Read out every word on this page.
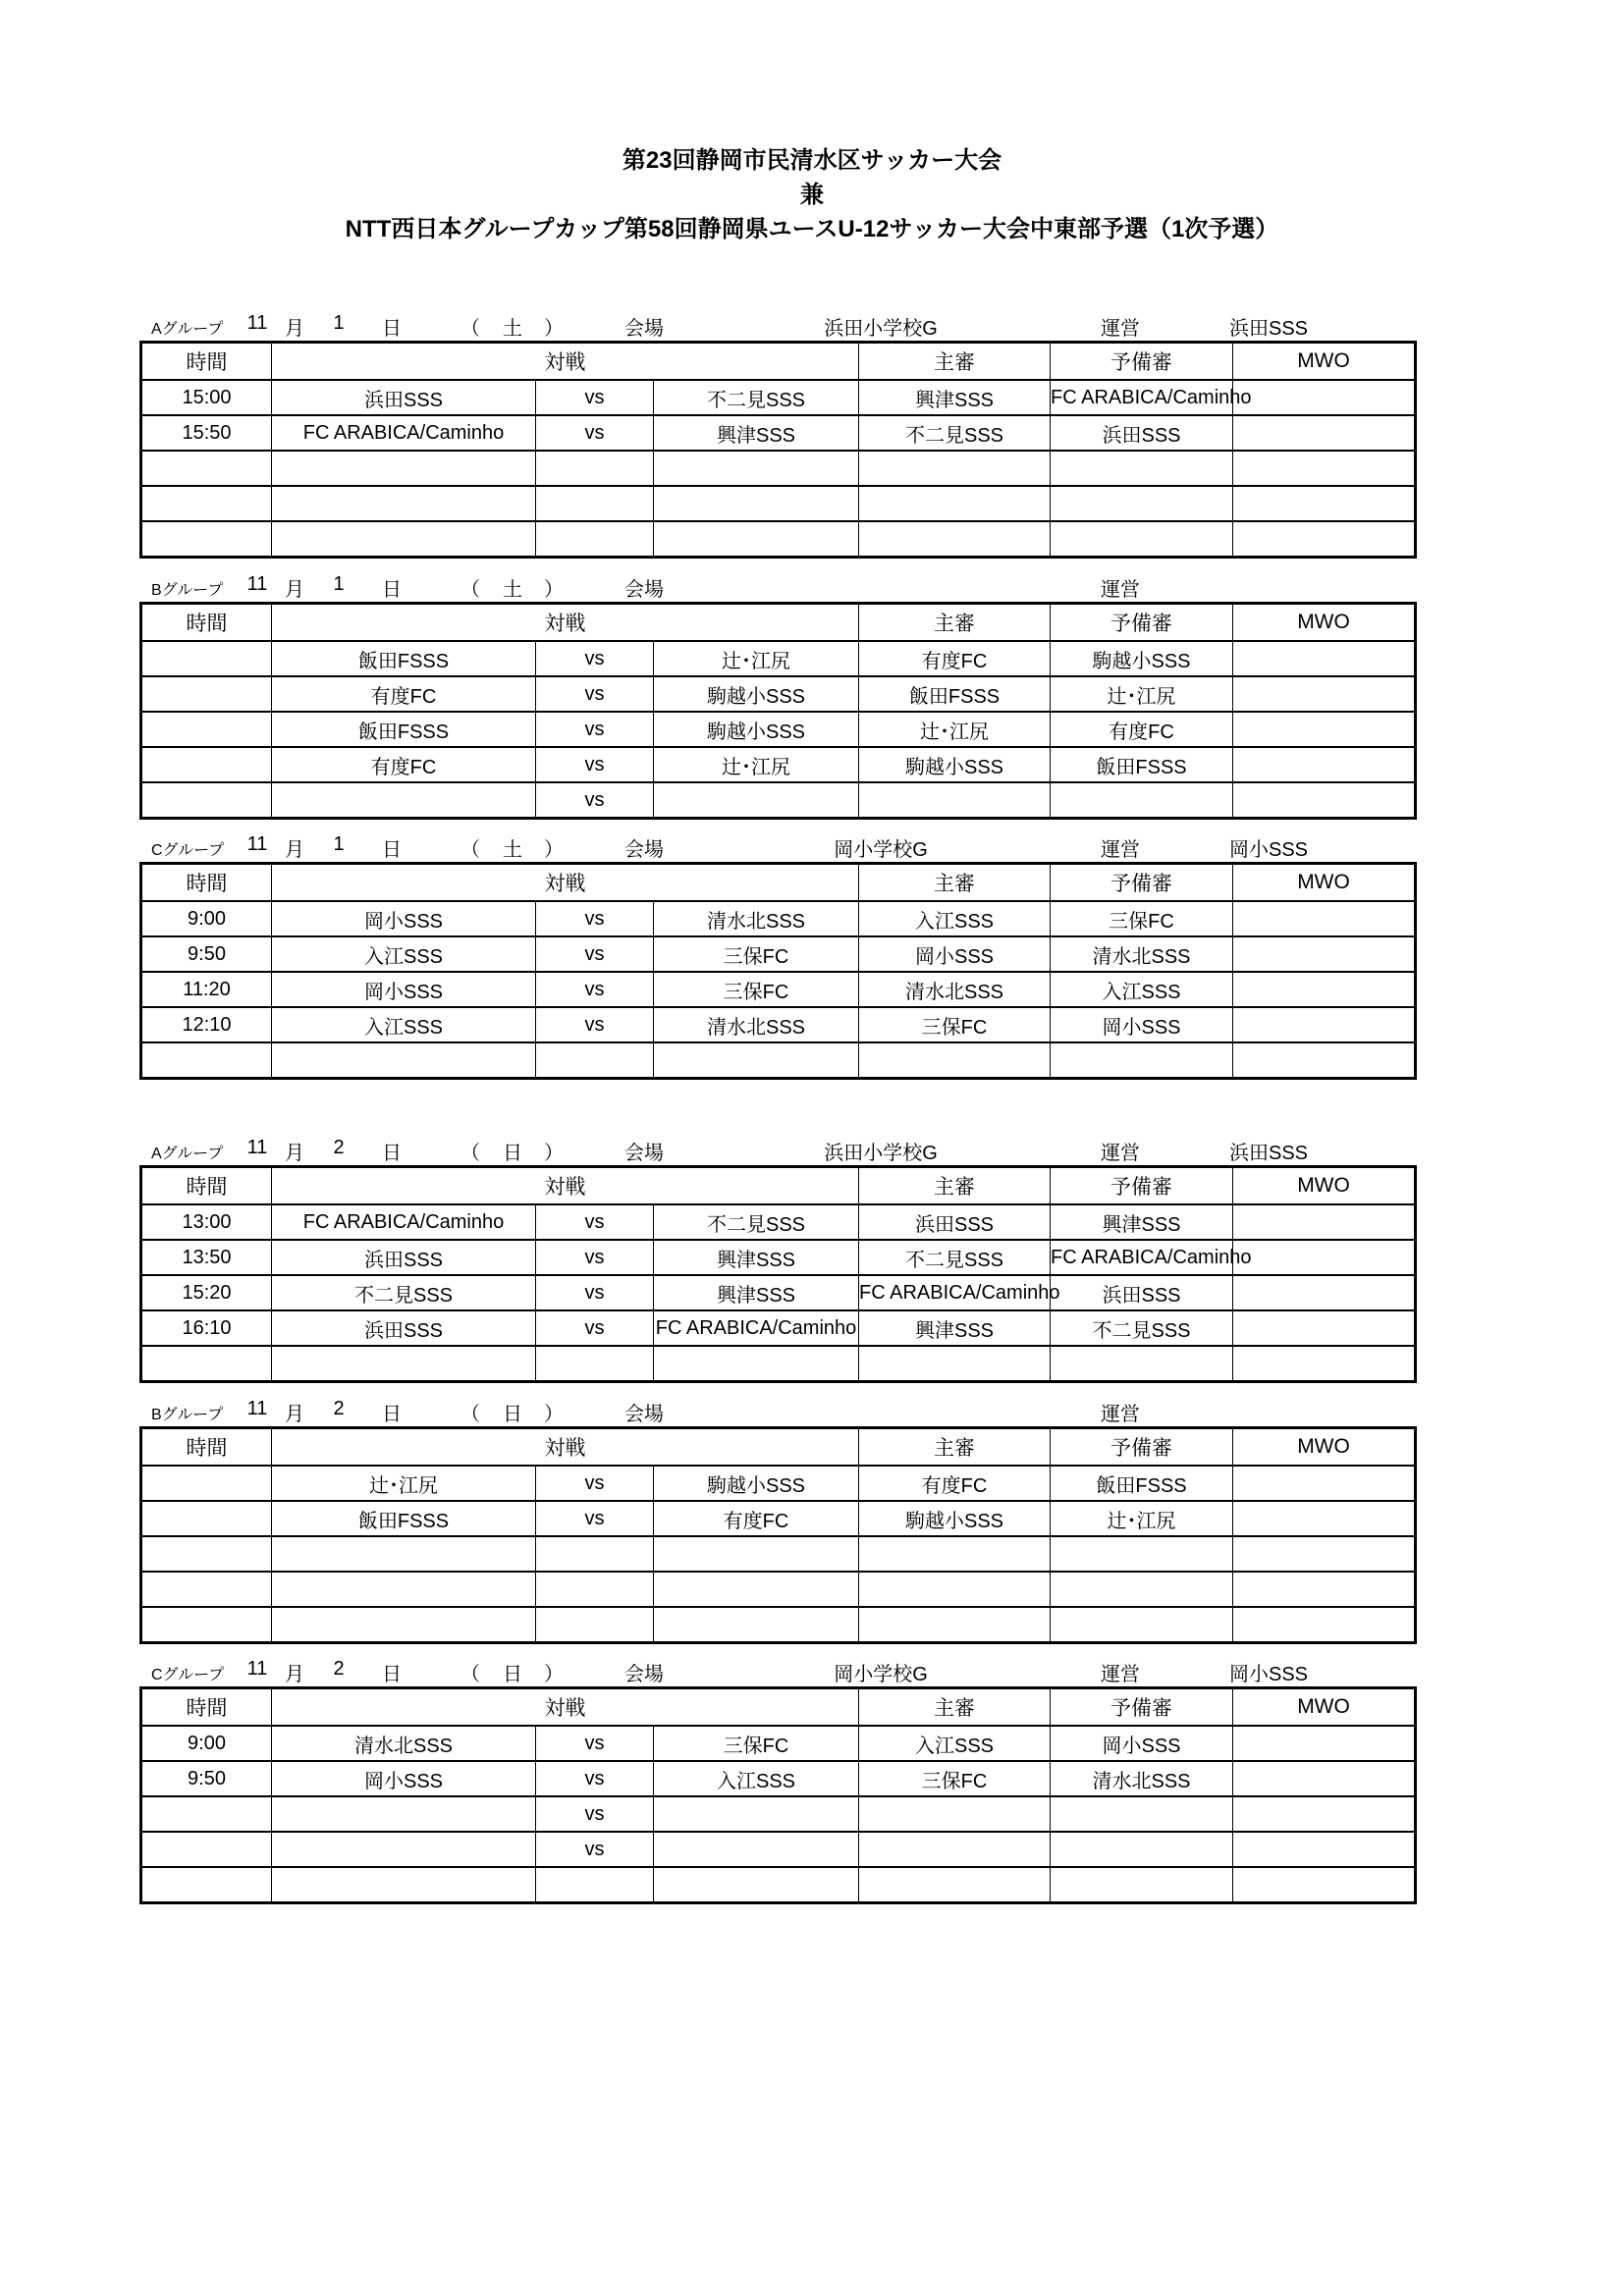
第23回静岡市民清水区サッカー大会
兼
NTT西日本グループカップ第58回静岡県ユースU-12サッカー大会中東部予選（1次予選）
Aグループ 11 月 1 日	（ 土 ）	会場	浜田小学校G	運営	浜田SSS
時間	対戦			主審	予備審	MWO
15:00	浜田SSS	vs	不二見SSS	興津SSS	FC ARABICA/Caminho	
15:50	FC ARABICA/Caminho	vs	興津SSS	不二見SSS	浜田SSS	

Bグループ 11 月 1 日	（ 土 ）	会場	運営
時間	対戦			主審	予備審	MWO
	飯田FSSS	vs	辻･江尻	有度FC	駒越小SSS	
	有度FC	vs	駒越小SSS	飯田FSSS	辻･江尻	
	飯田FSSS	vs	駒越小SSS	辻･江尻	有度FC	
	有度FC	vs	辻･江尻	駒越小SSS	飯田FSSS	
		vs				
Cグループ 11 月 1 日	（ 土 ）	会場	岡小学校G	運営	岡小SSS
時間	対戦			主審	予備審	MWO
9:00	岡小SSS	vs	清水北SSS	入江SSS	三保FC	
9:50	入江SSS	vs	三保FC	岡小SSS	清水北SSS	
11:20	岡小SSS	vs	三保FC	清水北SSS	入江SSS	
12:10	入江SSS	vs	清水北SSS	三保FC	岡小SSS	

Aグループ 11 月 2 日	（ 日 ）	会場	浜田小学校G	運営	浜田SSS
時間	対戦			主審	予備審	MWO
13:00	FC ARABICA/Caminho	vs	不二見SSS	浜田SSS	興津SSS	
13:50	浜田SSS	vs	興津SSS	不二見SSS	FC ARABICA/Caminho	
15:20	不二見SSS	vs	興津SSS	FC ARABICA/Caminho	浜田SSS	
16:10	浜田SSS	vs	FC ARABICA/Caminho	興津SSS	不二見SSS	

Bグループ 11 月 2 日	（ 日 ）	会場	運営
時間	対戦			主審	予備審	MWO
	辻･江尻	vs	駒越小SSS	有度FC	飯田FSSS	
	飯田FSSS	vs	有度FC	駒越小SSS	辻･江尻	

Cグループ 11 月 2 日	（ 日 ）	会場	岡小学校G	運営	岡小SSS
時間	対戦			主審	予備審	MWO
9:00	清水北SSS	vs	三保FC	入江SSS	岡小SSS	
9:50	岡小SSS	vs	入江SSS	三保FC	清水北SSS	
		vs				
		vs				
